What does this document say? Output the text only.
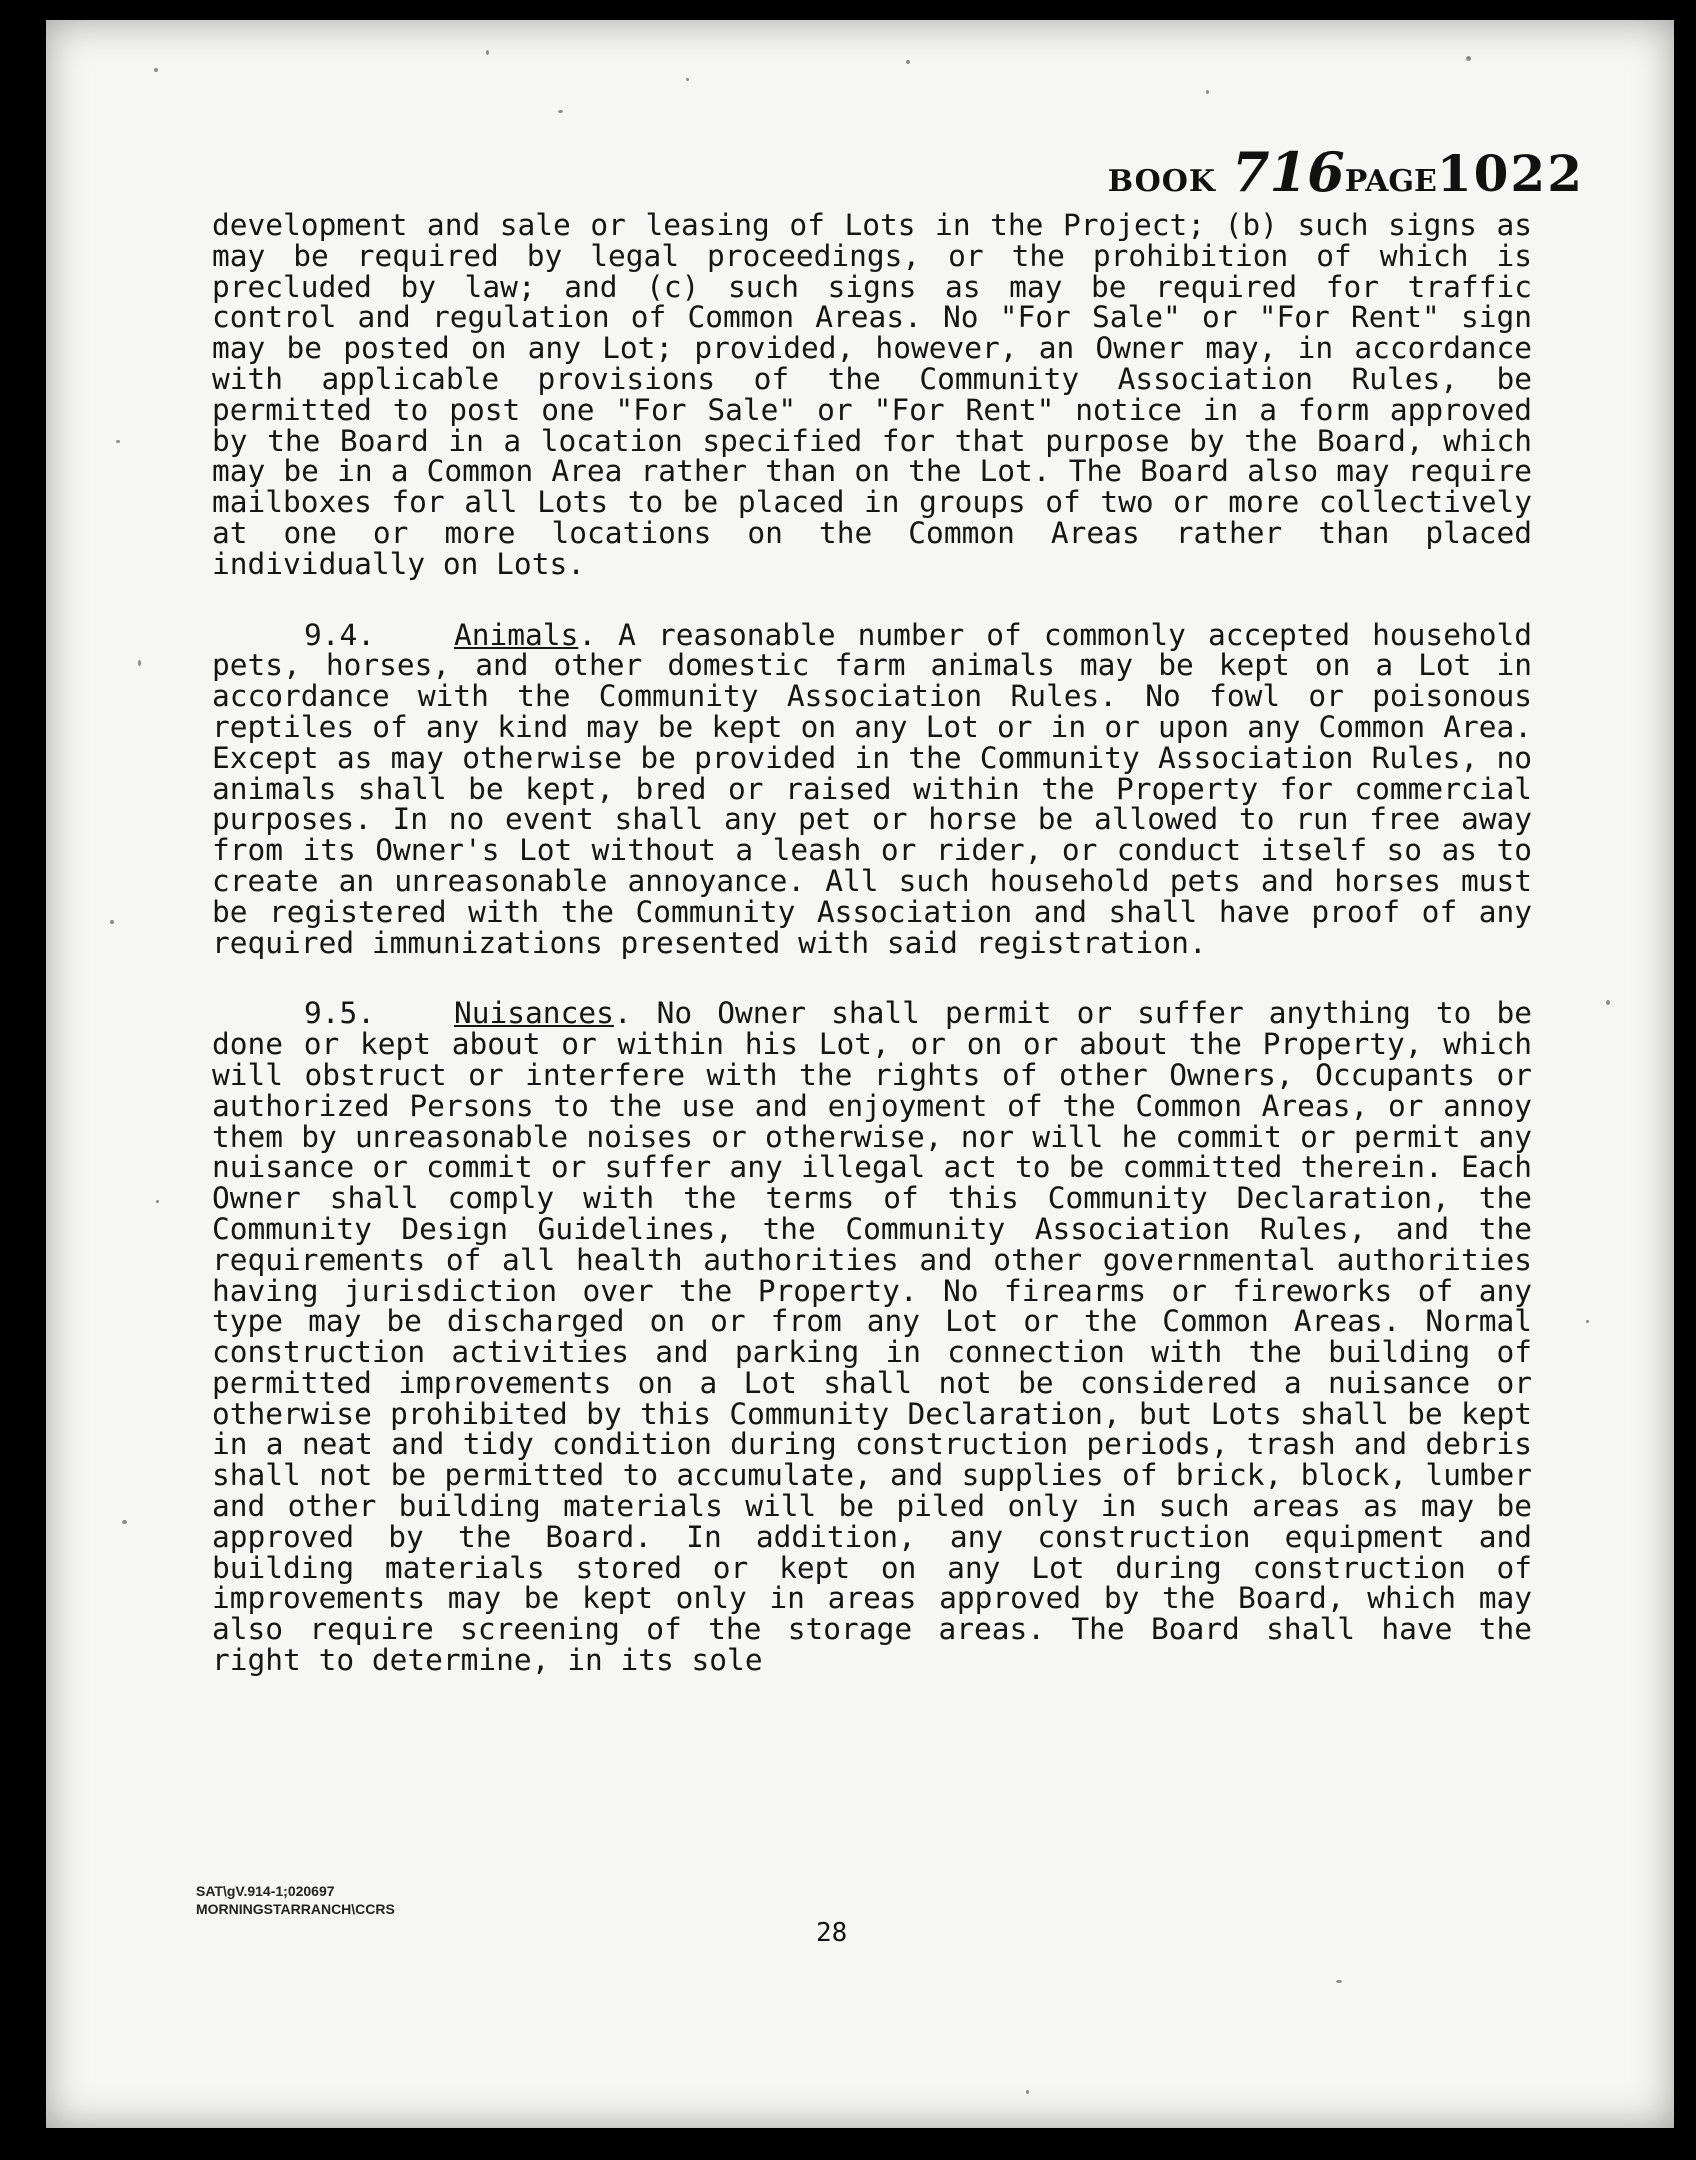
BOOK 716PAGE1022

development and sale or leasing of Lots in the Project; (b) such signs as may be required by legal proceedings, or the prohibition of which is precluded by law; and (c) such signs as may be required for traffic control and regulation of Common Areas. No "For Sale" or "For Rent" sign may be posted on any Lot; provided, however, an Owner may, in accordance with applicable provisions of the Community Association Rules, be permitted to post one "For Sale" or "For Rent" notice in a form approved by the Board in a location specified for that purpose by the Board, which may be in a Common Area rather than on the Lot. The Board also may require mailboxes for all Lots to be placed in groups of two or more collectively at one or more locations on the Common Areas rather than placed individually on Lots.

9.4.	Animals. A reasonable number of commonly accepted household pets, horses, and other domestic farm animals may be kept on a Lot in accordance with the Community Association Rules. No fowl or poisonous reptiles of any kind may be kept on any Lot or in or upon any Common Area. Except as may otherwise be provided in the Community Association Rules, no animals shall be kept, bred or raised within the Property for commercial purposes. In no event shall any pet or horse be allowed to run free away from its Owner's Lot without a leash or rider, or conduct itself so as to create an unreasonable annoyance. All such household pets and horses must be registered with the Community Association and shall have proof of any required immunizations presented with said registration.

9.5.	Nuisances. No Owner shall permit or suffer anything to be done or kept about or within his Lot, or on or about the Property, which will obstruct or interfere with the rights of other Owners, Occupants or authorized Persons to the use and enjoyment of the Common Areas, or annoy them by unreasonable noises or otherwise, nor will he commit or permit any nuisance or commit or suffer any illegal act to be committed therein. Each Owner shall comply with the terms of this Community Declaration, the Community Design Guidelines, the Community Association Rules, and the requirements of all health authorities and other governmental authorities having jurisdiction over the Property. No firearms or fireworks of any type may be discharged on or from any Lot or the Common Areas. Normal construction activities and parking in connection with the building of permitted improvements on a Lot shall not be considered a nuisance or otherwise prohibited by this Community Declaration, but Lots shall be kept in a neat and tidy condition during construction periods, trash and debris shall not be permitted to accumulate, and supplies of brick, block, lumber and other building materials will be piled only in such areas as may be approved by the Board. In addition, any construction equipment and building materials stored or kept on any Lot during construction of improvements may be kept only in areas approved by the Board, which may also require screening of the storage areas. The Board shall have the right to determine, in its sole

SAT\gV.914-1;020697
MORNINGSTARRANCH\CCRS
28
